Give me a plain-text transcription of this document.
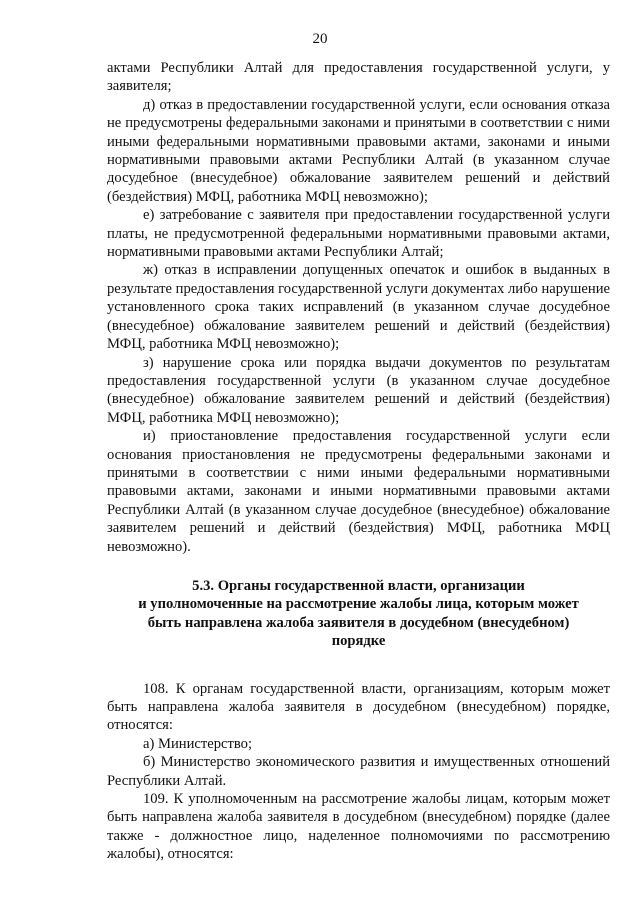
20

актами Республики Алтай для предоставления государственной услуги, у заявителя;

д) отказ в предоставлении государственной услуги, если основания отказа не предусмотрены федеральными законами и принятыми в соответствии с ними иными федеральными нормативными правовыми актами, законами и иными нормативными правовыми актами Республики Алтай (в указанном случае досудебное (внесудебное) обжалование заявителем решений и действий (бездействия) МФЦ, работника МФЦ невозможно);

е) затребование с заявителя при предоставлении государственной услуги платы, не предусмотренной федеральными нормативными правовыми актами, нормативными правовыми актами Республики Алтай;

ж) отказ в исправлении допущенных опечаток и ошибок в выданных в результате предоставления государственной услуги документах либо нарушение установленного срока таких исправлений (в указанном случае досудебное (внесудебное) обжалование заявителем решений и действий (бездействия) МФЦ, работника МФЦ невозможно);

з) нарушение срока или порядка выдачи документов по результатам предоставления государственной услуги (в указанном случае досудебное (внесудебное) обжалование заявителем решений и действий (бездействия) МФЦ, работника МФЦ невозможно);

и) приостановление предоставления государственной услуги если основания приостановления не предусмотрены федеральными законами и принятыми в соответствии с ними иными федеральными нормативными правовыми актами, законами и иными нормативными правовыми актами Республики Алтай (в указанном случае досудебное (внесудебное) обжалование заявителем решений и действий (бездействия) МФЦ, работника МФЦ невозможно).

5.3. Органы государственной власти, организации
и уполномоченные на рассмотрение жалобы лица, которым может
быть направлена жалоба заявителя в досудебном (внесудебном)
порядке

108. К органам государственной власти, организациям, которым может быть направлена жалоба заявителя в досудебном (внесудебном) порядке, относятся:

а) Министерство;

б) Министерство экономического развития и имущественных отношений Республики Алтай.

109. К уполномоченным на рассмотрение жалобы лицам, которым может быть направлена жалоба заявителя в досудебном (внесудебном) порядке (далее также - должностное лицо, наделенное полномочиями по рассмотрению жалобы), относятся:
